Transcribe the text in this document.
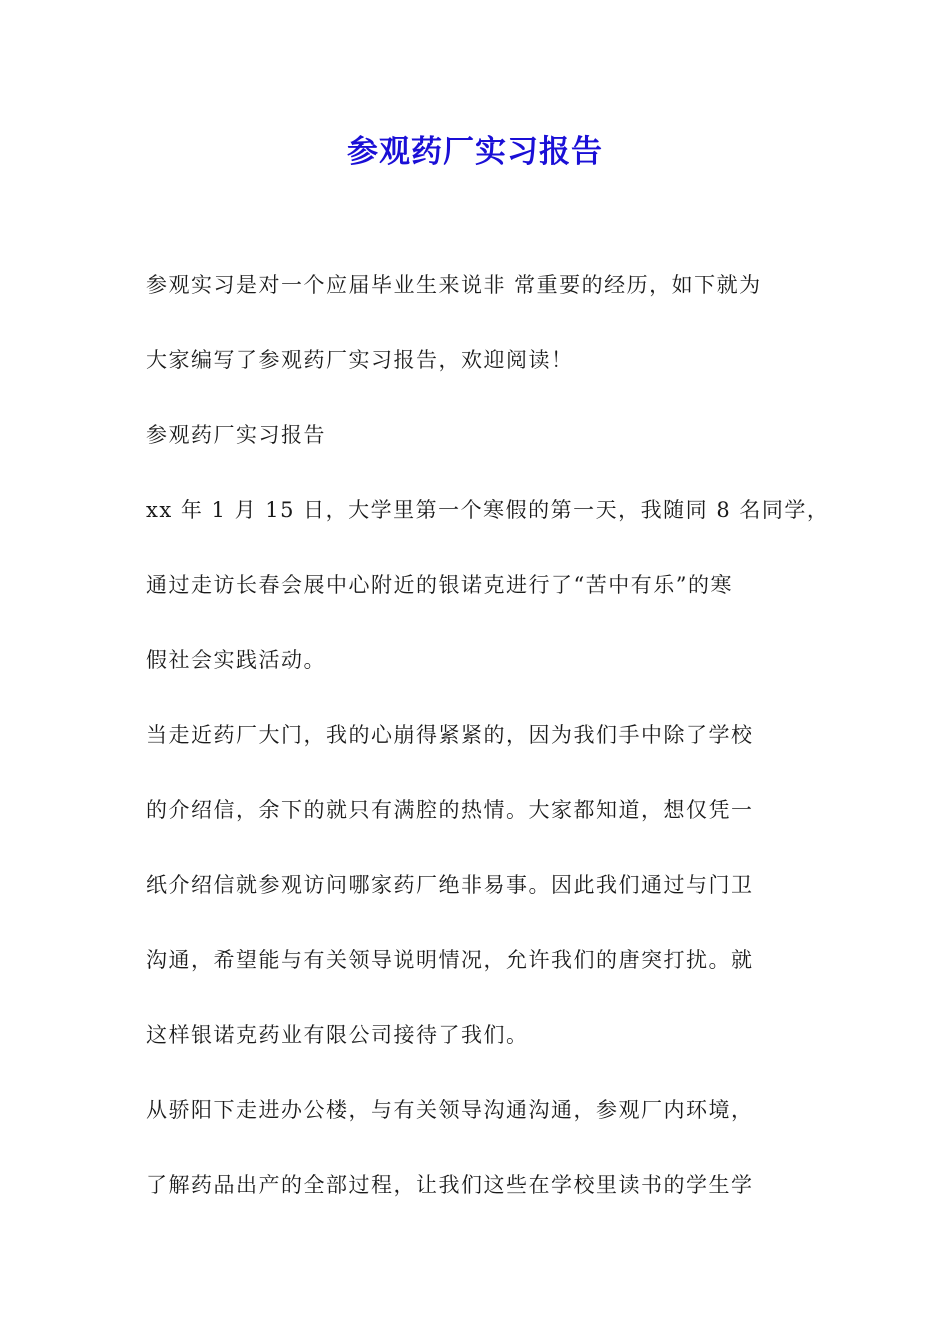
参观药厂实习报告

参观实习是对一个应届毕业生来说非 常重要的经历，如下就为

大家编写了参观药厂实习报告，欢迎阅读！

参观药厂实习报告

xx 年 1 月 15 日，大学里第一个寒假的第一天，我随同 8 名同学，

通过走访长春会展中心附近的银诺克进行了“苦中有乐”的寒

假社会实践活动。

当走近药厂大门，我的心崩得紧紧的，因为我们手中除了学校

的介绍信，余下的就只有满腔的热情。大家都知道，想仅凭一

纸介绍信就参观访问哪家药厂绝非易事。因此我们通过与门卫

沟通，希望能与有关领导说明情况，允许我们的唐突打扰。就

这样银诺克药业有限公司接待了我们。

从骄阳下走进办公楼，与有关领导沟通沟通，参观厂内环境，

了解药品出产的全部过程，让我们这些在学校里读书的学生学
